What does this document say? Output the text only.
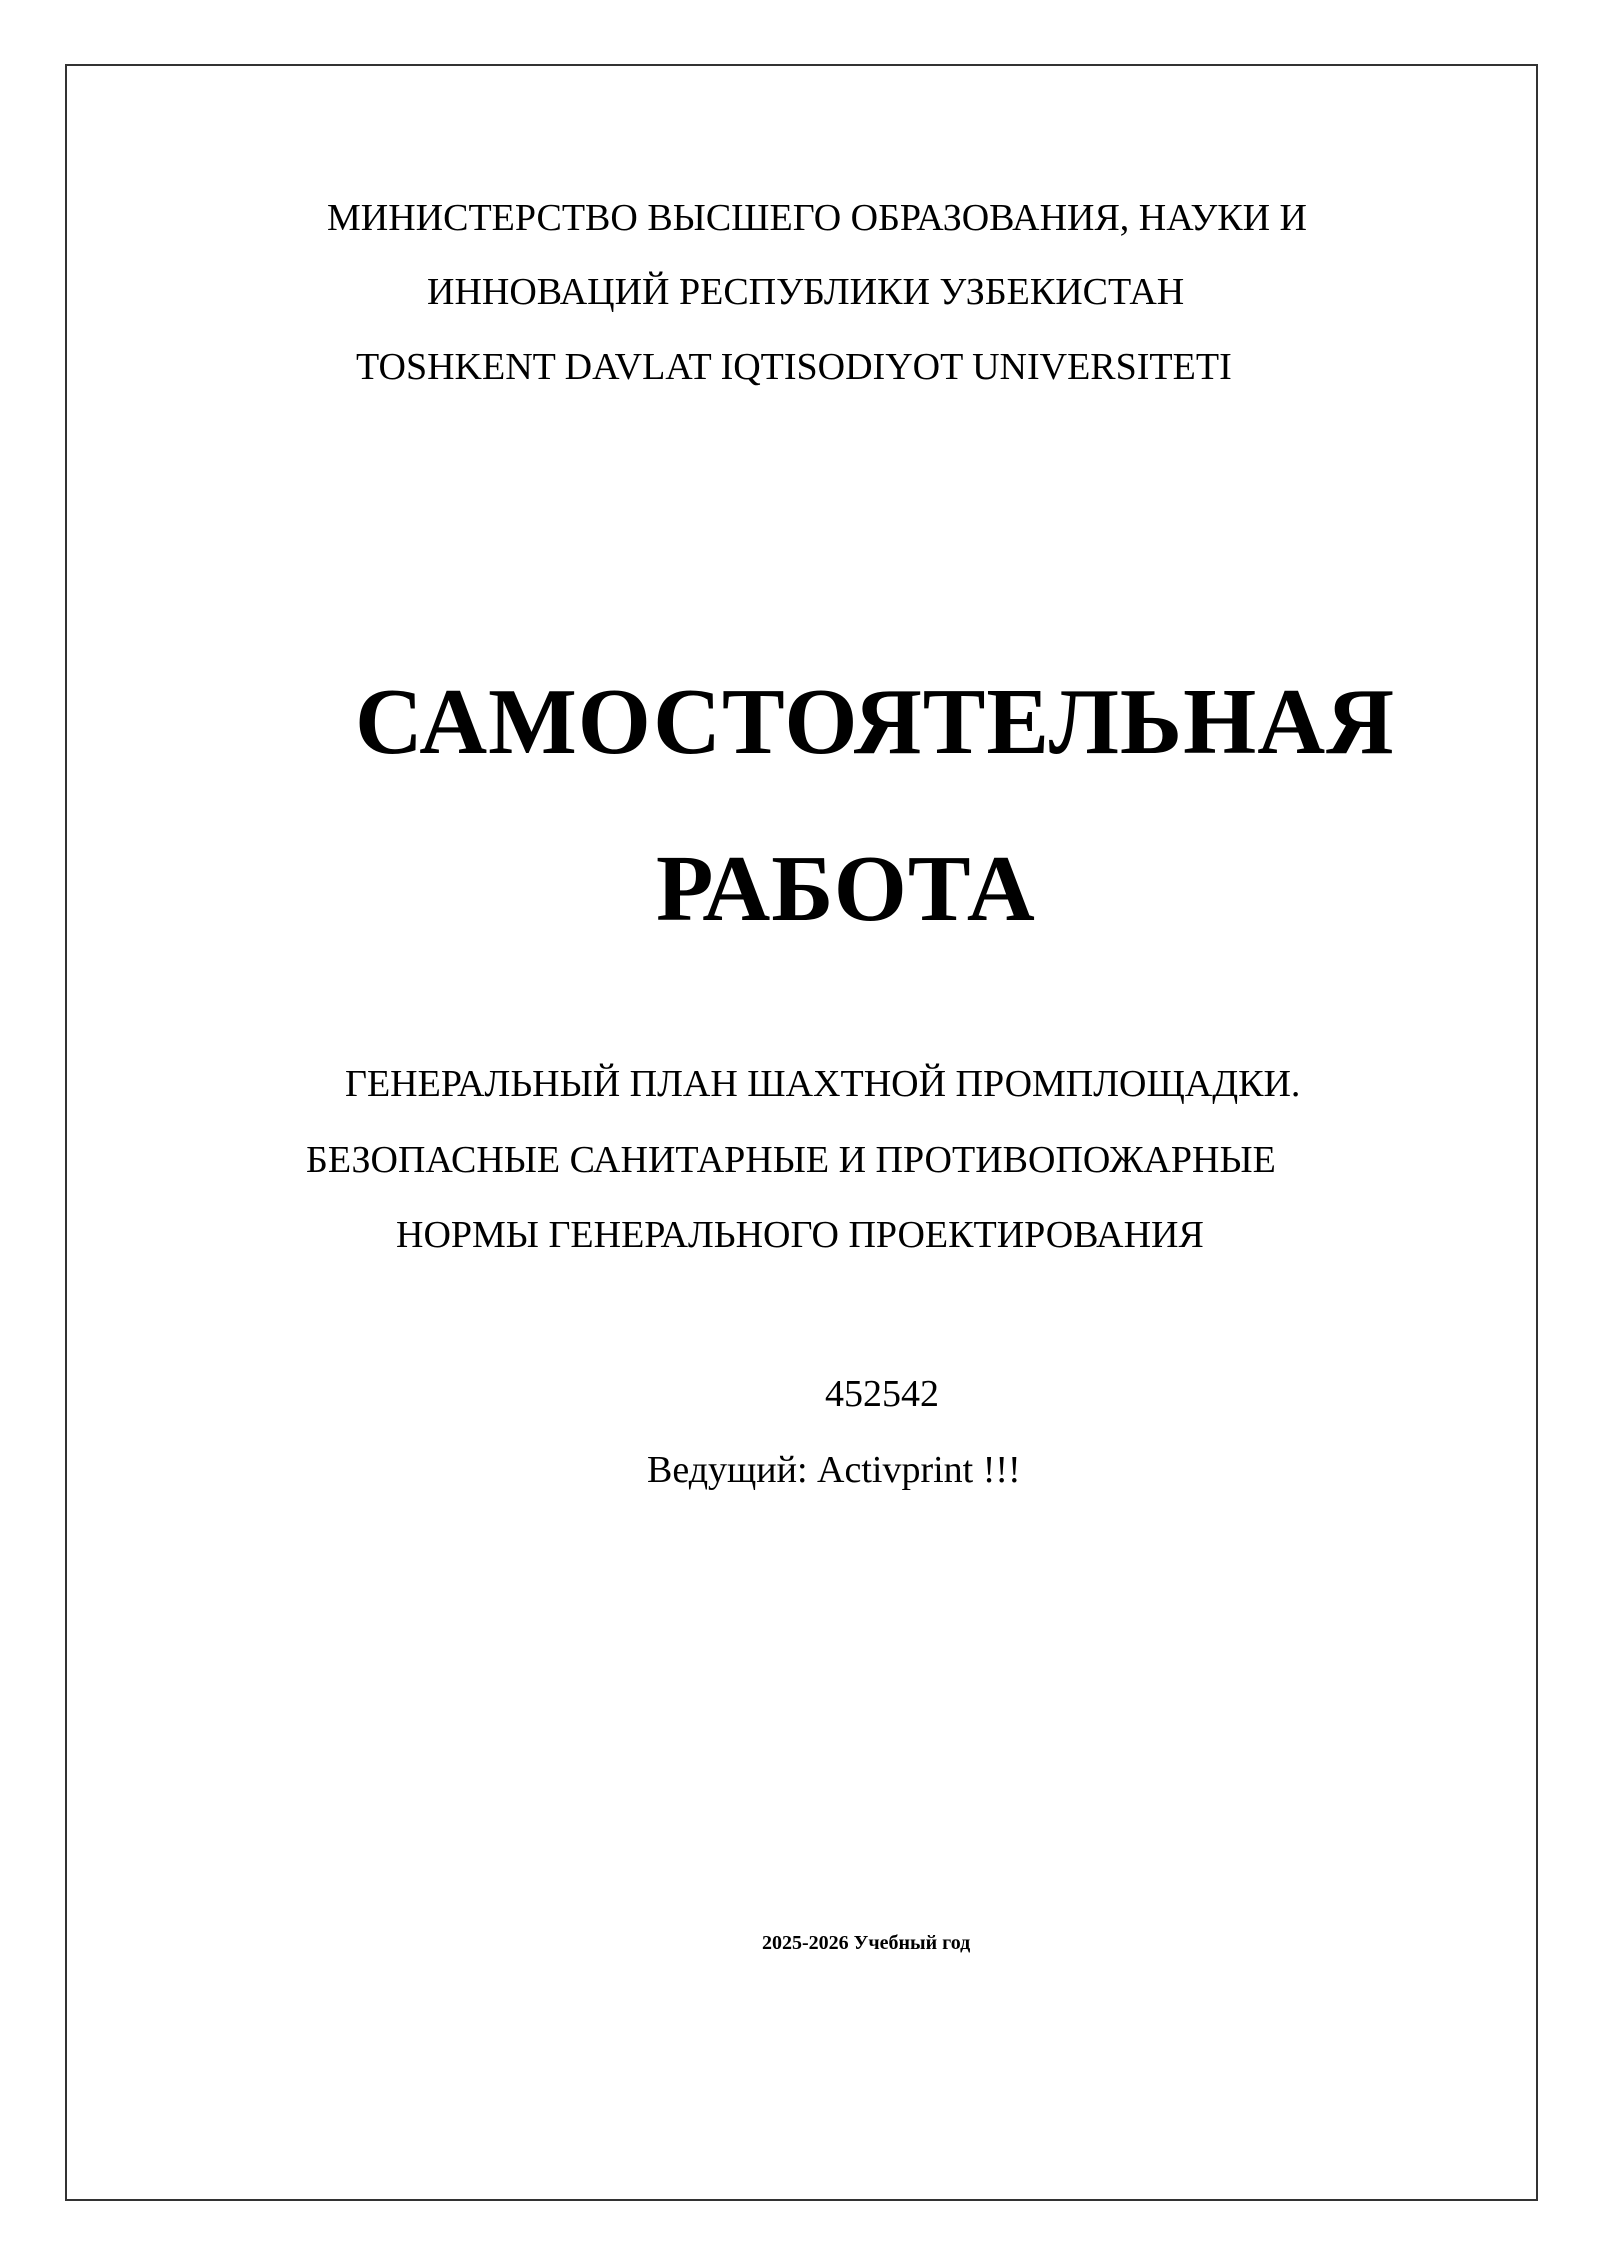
МИНИСТЕРСТВО ВЫСШЕГО ОБРАЗОВАНИЯ, НАУКИ И
ИННОВАЦИЙ РЕСПУБЛИКИ УЗБЕКИСТАН
TOSHKENT DAVLAT IQTISODIYOT UNIVERSITETI
САМОСТОЯТЕЛЬНАЯ
РАБОТА
ГЕНЕРАЛЬНЫЙ ПЛАН ШАХТНОЙ ПРОМПЛОЩАДКИ.
БЕЗОПАСНЫЕ САНИТАРНЫЕ И ПРОТИВОПОЖАРНЫЕ
НОРМЫ ГЕНЕРАЛЬНОГО ПРОЕКТИРОВАНИЯ
452542
Ведущий: Activprint !!!
2025-2026 Учебный год
